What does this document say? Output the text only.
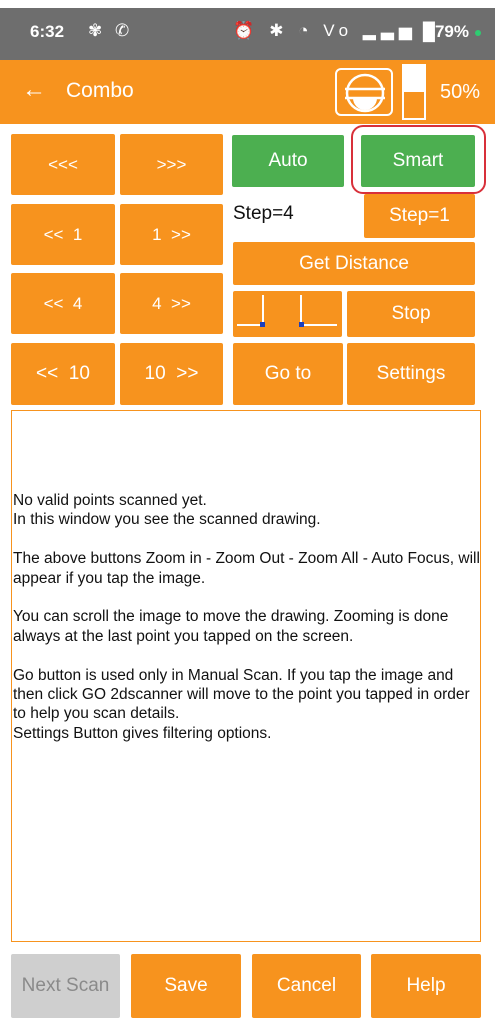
6:32 ✾ ✆	⏰ ✱ ◔ Vo ▂▃▅ █79%
← Combo	50%
<<<	>>>
<<  1	1  >>
<<  4	4  >>
<<  10	10  >>
Auto	Smart
Step=4	Step=1
Get Distance
Stop
Go to	Settings

No valid points scanned yet.
In this window you see the scanned drawing.

The above buttons Zoom in - Zoom Out - Zoom All - Auto Focus, will appear if you tap the image.

You can scroll the image to move the drawing. Zooming is done always at the last point you tapped on the screen.

Go button is used only in Manual Scan. If you tap the image and then click GO 2dscanner will move to the point you tapped in order to help you scan details.
Settings Button gives filtering options.

Next Scan	Save	Cancel	Help
